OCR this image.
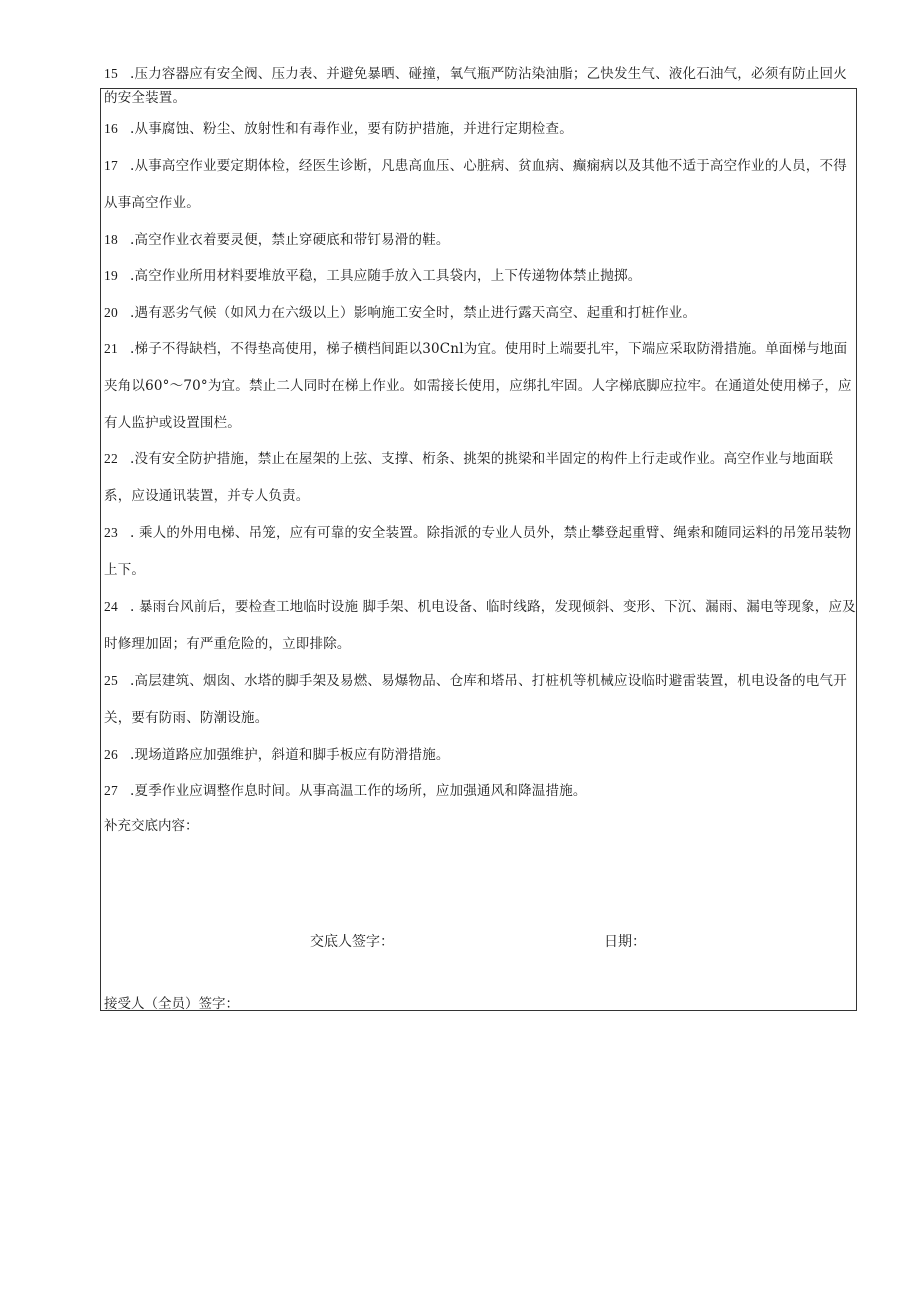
15 .压力容器应有安全阀、压力表、并避免暴晒、碰撞，氧气瓶严防沾染油脂；乙快发生气、液化石油气，必须有防止回火的安全装置。
16 .从事腐蚀、粉尘、放射性和有毒作业，要有防护措施，并进行定期检查。
17 .从事高空作业要定期体检，经医生诊断，凡患高血压、心脏病、贫血病、癫痫病以及其他不适于高空作业的人员，不得从事高空作业。
18 .高空作业衣着要灵便，禁止穿硬底和带钉易滑的鞋。
19 .高空作业所用材料要堆放平稳，工具应随手放入工具袋内，上下传递物体禁止抛掷。
20 .遇有恶劣气候（如风力在六级以上）影响施工安全时，禁止进行露天高空、起重和打桩作业。
21 .梯子不得缺档，不得垫高使用，梯子横档间距以30Cnl为宜。使用时上端要扎牢，下端应采取防滑措施。单面梯与地面夹角以60°～70°为宜。禁止二人同时在梯上作业。如需接长使用，应绑扎牢固。人字梯底脚应拉牢。在通道处使用梯子，应有人监护或设置围栏。
22 .没有安全防护措施，禁止在屋架的上弦、支撑、桁条、挑架的挑梁和半固定的构件上行走或作业。高空作业与地面联系，应设通讯装置，并专人负责。
23 . 乘人的外用电梯、吊笼，应有可靠的安全装置。除指派的专业人员外，禁止攀登起重臂、绳索和随同运料的吊笼吊装物上下。
24 . 暴雨台风前后，要检查工地临时设施 脚手架、机电设备、临时线路，发现倾斜、变形、下沉、漏雨、漏电等现象，应及时修理加固；有严重危险的，立即排除。
25 .高层建筑、烟囱、水塔的脚手架及易燃、易爆物品、仓库和塔吊、打桩机等机械应设临时避雷装置，机电设备的电气开关，要有防雨、防潮设施。
26 .现场道路应加强维护，斜道和脚手板应有防滑措施。
27 .夏季作业应调整作息时间。从事高温工作的场所，应加强通风和降温措施。
补充交底内容：
交底人签字：	日期：
接受人（全员）签字：
